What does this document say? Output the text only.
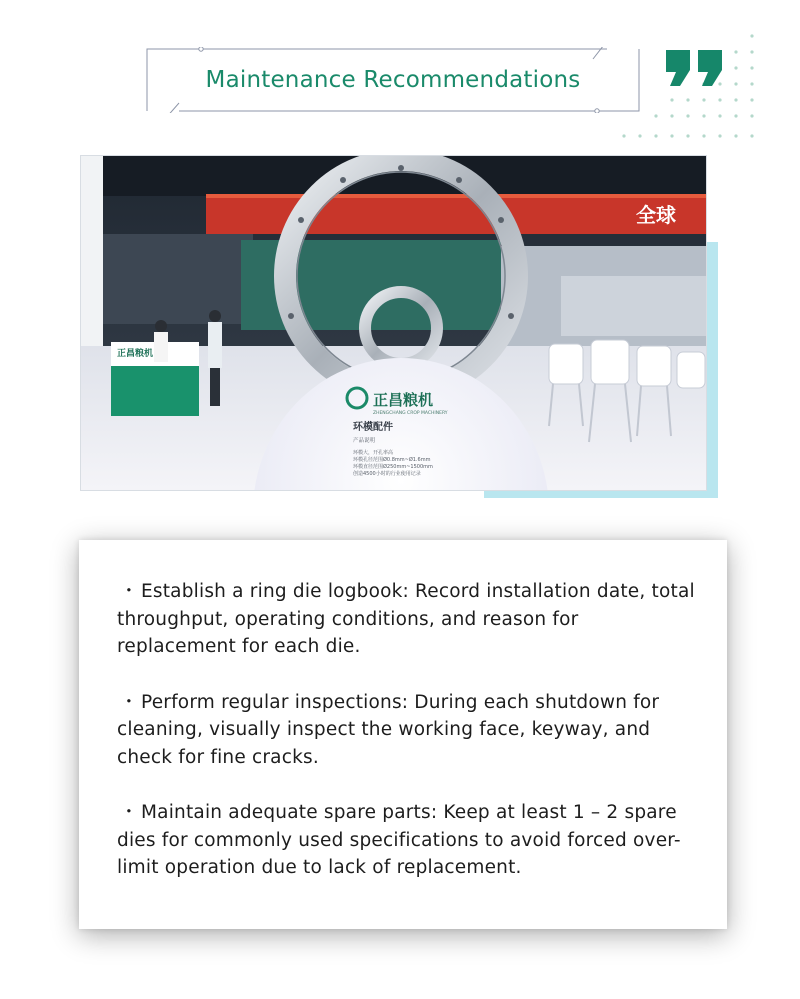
Maintenance Recommendations
全球
正昌粮机
正昌粮机
ZHENGCHANG CROP MACHINERY
环模配件
产品说明
环模大，开孔率高
环模孔径范围Ø0.8mm~Ø1.6mm
环模直径范围Ø250mm~1500mm
创造4500小时的行业使用记录
・ Establish a ring die logbook: Record installation date, total throughput, operating conditions, and reason for replacement for each die.
・ Perform regular inspections: During each shutdown for cleaning, visually inspect the working face, keyway, and check for fine cracks.
・ Maintain adequate spare parts: Keep at least 1 – 2 spare dies for commonly used specifications to avoid forced over-limit operation due to lack of replacement.
